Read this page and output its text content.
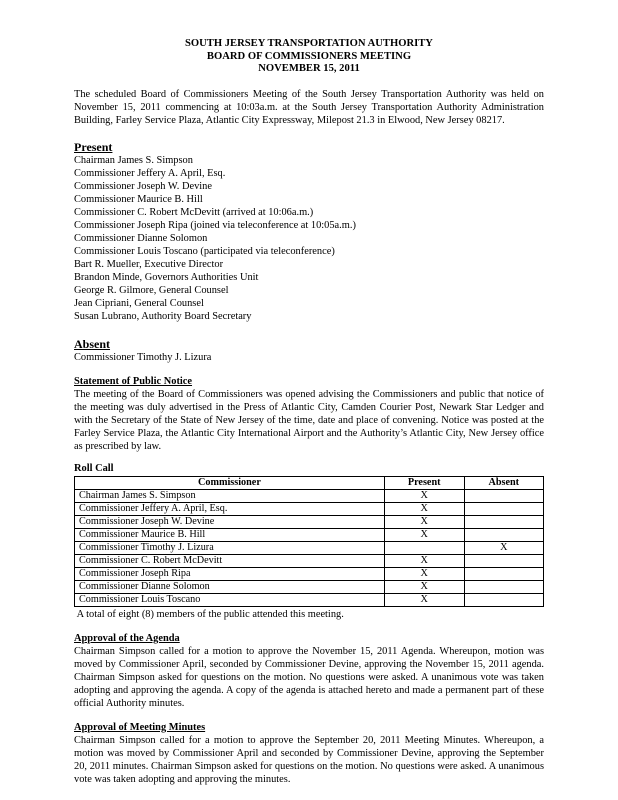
SOUTH JERSEY TRANSPORTATION AUTHORITY
BOARD OF COMMISSIONERS MEETING
NOVEMBER 15, 2011

The scheduled Board of Commissioners Meeting of the South Jersey Transportation Authority was held on November 15, 2011 commencing at 10:03a.m. at the South Jersey Transportation Authority Administration Building, Farley Service Plaza, Atlantic City Expressway, Milepost 21.3 in Elwood, New Jersey 08217.

Present
Chairman James S. Simpson
Commissioner Jeffery A. April, Esq.
Commissioner Joseph W. Devine
Commissioner Maurice B. Hill
Commissioner C. Robert McDevitt (arrived at 10:06a.m.)
Commissioner Joseph Ripa (joined via teleconference at 10:05a.m.)
Commissioner Dianne Solomon
Commissioner Louis Toscano (participated via teleconference)
Bart R. Mueller, Executive Director
Brandon Minde, Governors Authorities Unit
George R. Gilmore, General Counsel
Jean Cipriani, General Counsel
Susan Lubrano, Authority Board Secretary
Absent
Commissioner Timothy J. Lizura
Statement of Public Notice

The meeting of the Board of Commissioners was opened advising the Commissioners and public that notice of the meeting was duly advertised in the Press of Atlantic City, Camden Courier Post, Newark Star Ledger and with the Secretary of the State of New Jersey of the time, date and place of convening. Notice was posted at the Farley Service Plaza, the Atlantic City International Airport and the Authority’s Atlantic City, New Jersey office as prescribed by law.

Roll Call
Commissioner	Present	Absent
Chairman James S. Simpson	X	
Commissioner Jeffery A. April, Esq.	X	
Commissioner Joseph W. Devine	X	
Commissioner Maurice B. Hill	X	
Commissioner Timothy J. Lizura		X
Commissioner C. Robert McDevitt	X	
Commissioner Joseph Ripa	X	
Commissioner Dianne Solomon	X	
Commissioner Louis Toscano	X	

A total of eight (8) members of the public attended this meeting.

Approval of the Agenda

Chairman Simpson called for a motion to approve the November 15, 2011 Agenda. Whereupon, motion was moved by Commissioner April, seconded by Commissioner Devine, approving the November 15, 2011 agenda. Chairman Simpson asked for questions on the motion. No questions were asked. A unanimous vote was taken adopting and approving the agenda. A copy of the agenda is attached hereto and made a permanent part of these official Authority minutes.

Approval of Meeting Minutes

Chairman Simpson called for a motion to approve the September 20, 2011 Meeting Minutes. Whereupon, a motion was moved by Commissioner April and seconded by Commissioner Devine, approving the September 20, 2011 minutes. Chairman Simpson asked for questions on the motion. No questions were asked. A unanimous vote was taken adopting and approving the minutes.
